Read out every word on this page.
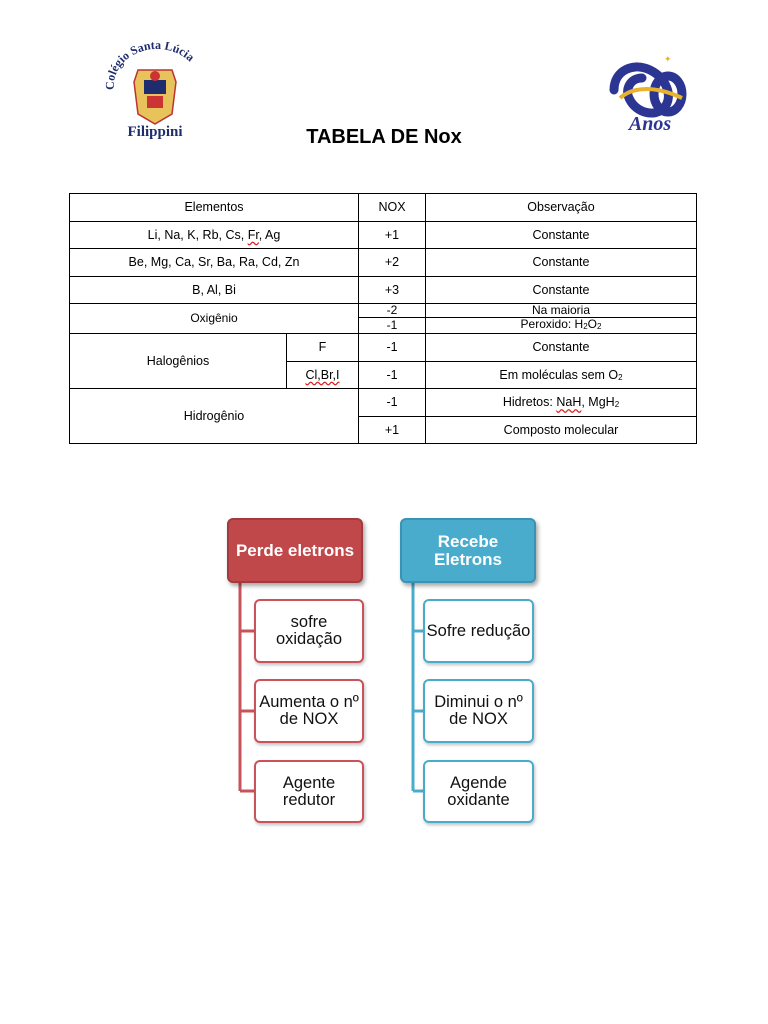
Colégio Santa Lúcia
Filippini
✦
Anos
TABELA DE Nox
Elementos		NOX	Observação
Li, Na, K, Rb, Cs, Fr, Ag		+1	Constante
Be, Mg, Ca, Sr, Ba, Ra, Cd, Zn		+2	Constante
B, Al, Bi		+3	Constante
Oxigênio		-2	Na maioria
		-1	Peroxido: $H_2O_2$
Halogênios	F	-1	Constante
	Cl,Br,I	-1	Em moléculas sem $O_2$
Hidrogênio		-1	Hidretos: NaH, MgH$_2$
		+1	Composto molecular
Perde eletrons
sofre oxidação
Aumenta o nº de NOX
Agente redutor
Recebe Eletrons
Sofre redução
Diminui o nº de NOX
Agende oxidante
